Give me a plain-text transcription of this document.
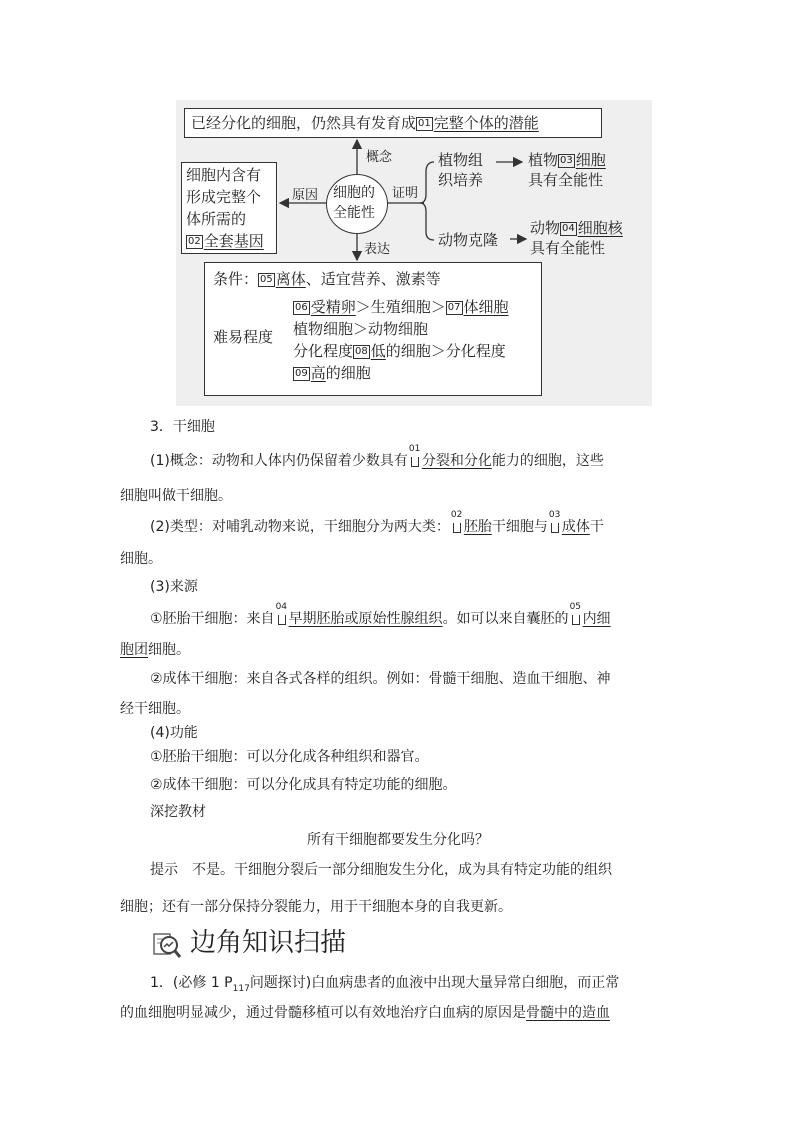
已经分化的细胞，仍然具有发育成 01 完整个体的潜能
概念
细胞内含有
形成完整个
体所需的
02 全套基因
原因 细胞的
全能性
证明
表达
植物组
织培养
植物 03 细胞
具有全能性
动物克隆
动物 04 细胞核
具有全能性
条件： 05 离体、适宜营养、激素等
难易程度
06 受精卵＞生殖细胞＞ 07 体细胞
植物细胞＞动物细胞
分化程度 08 低的细胞＞分化程度
09 高的细胞
3．干细胞
(1)概念：动物和人体内仍保留着少数具有
01
分裂和分化能力的细胞，这些
细胞叫做干细胞。
(2)类型：对哺乳动物来说，干细胞分为两大类：
02
胚胎干细胞与
03
成体干
细胞。
(3)来源
①胚胎干细胞：来自
04
早期胚胎或原始性腺组织。如可以来自囊胚的
05
内细
胞团细胞。
②成体干细胞：来自各式各样的组织。例如：骨髓干细胞、造血干细胞、神
经干细胞。
(4)功能
①胚胎干细胞：可以分化成各种组织和器官。
②成体干细胞：可以分化成具有特定功能的细胞。
深挖教材
所有干细胞都要发生分化吗？
提示　不是。干细胞分裂后一部分细胞发生分化，成为具有特定功能的组织
细胞；还有一部分保持分裂能力，用于干细胞本身的自我更新。
边角知识扫描
1．(必修 1 $P_{117}$问题探讨)白血病患者的血液中出现大量异常白细胞，而正常
的血细胞明显减少，通过骨髓移植可以有效地治疗白血病的原因是骨髓中的造血
